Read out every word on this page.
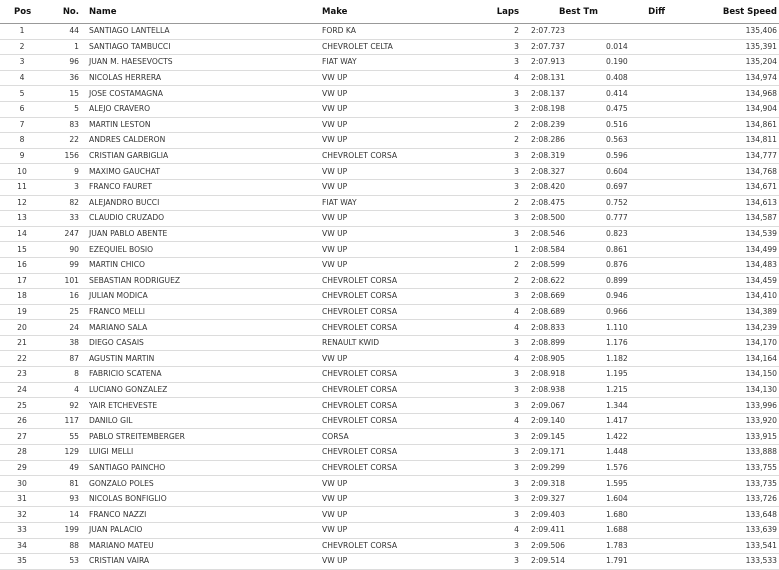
Pos	No.	Name	Make	Laps	Best Tm	Diff	Best Speed
1	44	SANTIAGO LANTELLA	FORD KA	2	2:07.723		135,406
2	1	SANTIAGO TAMBUCCI	CHEVROLET CELTA	3	2:07.737	0.014	135,391
3	96	JUAN M. HAESEVOCTS	FIAT WAY	3	2:07.913	0.190	135,204
4	36	NICOLAS HERRERA	VW UP	4	2:08.131	0.408	134,974
5	15	JOSE COSTAMAGNA	VW UP	3	2:08.137	0.414	134,968
6	5	ALEJO CRAVERO	VW UP	3	2:08.198	0.475	134,904
7	83	MARTIN LESTON	VW UP	2	2:08.239	0.516	134,861
8	22	ANDRES CALDERON	VW UP	2	2:08.286	0.563	134,811
9	156	CRISTIAN GARBIGLIA	CHEVROLET CORSA	3	2:08.319	0.596	134,777
10	9	MAXIMO GAUCHAT	VW UP	3	2:08.327	0.604	134,768
11	3	FRANCO FAURET	VW UP	3	2:08.420	0.697	134,671
12	82	ALEJANDRO BUCCI	FIAT WAY	2	2:08.475	0.752	134,613
13	33	CLAUDIO CRUZADO	VW UP	3	2:08.500	0.777	134,587
14	247	JUAN PABLO ABENTE	VW UP	3	2:08.546	0.823	134,539
15	90	EZEQUIEL BOSIO	VW UP	1	2:08.584	0.861	134,499
16	99	MARTIN CHICO	VW UP	2	2:08.599	0.876	134,483
17	101	SEBASTIAN RODRIGUEZ	CHEVROLET CORSA	2	2:08.622	0.899	134,459
18	16	JULIAN MODICA	CHEVROLET CORSA	3	2:08.669	0.946	134,410
19	25	FRANCO MELLI	CHEVROLET CORSA	4	2:08.689	0.966	134,389
20	24	MARIANO SALA	CHEVROLET CORSA	4	2:08.833	1.110	134,239
21	38	DIEGO CASAIS	RENAULT KWID	3	2:08.899	1.176	134,170
22	87	AGUSTIN MARTIN	VW UP	4	2:08.905	1.182	134,164
23	8	FABRICIO SCATENA	CHEVROLET CORSA	3	2:08.918	1.195	134,150
24	4	LUCIANO GONZALEZ	CHEVROLET CORSA	3	2:08.938	1.215	134,130
25	92	YAIR ETCHEVESTE	CHEVROLET CORSA	3	2:09.067	1.344	133,996
26	117	DANILO GIL	CHEVROLET CORSA	4	2:09.140	1.417	133,920
27	55	PABLO STREITEMBERGER	CORSA	3	2:09.145	1.422	133,915
28	129	LUIGI MELLI	CHEVROLET CORSA	3	2:09.171	1.448	133,888
29	49	SANTIAGO PAINCHO	CHEVROLET CORSA	3	2:09.299	1.576	133,755
30	81	GONZALO POLES	VW UP	3	2:09.318	1.595	133,735
31	93	NICOLAS BONFIGLIO	VW UP	3	2:09.327	1.604	133,726
32	14	FRANCO NAZZI	VW UP	3	2:09.403	1.680	133,648
33	199	JUAN PALACIO	VW UP	4	2:09.411	1.688	133,639
34	88	MARIANO MATEU	CHEVROLET CORSA	3	2:09.506	1.783	133,541
35	53	CRISTIAN VAIRA	VW UP	3	2:09.514	1.791	133,533
